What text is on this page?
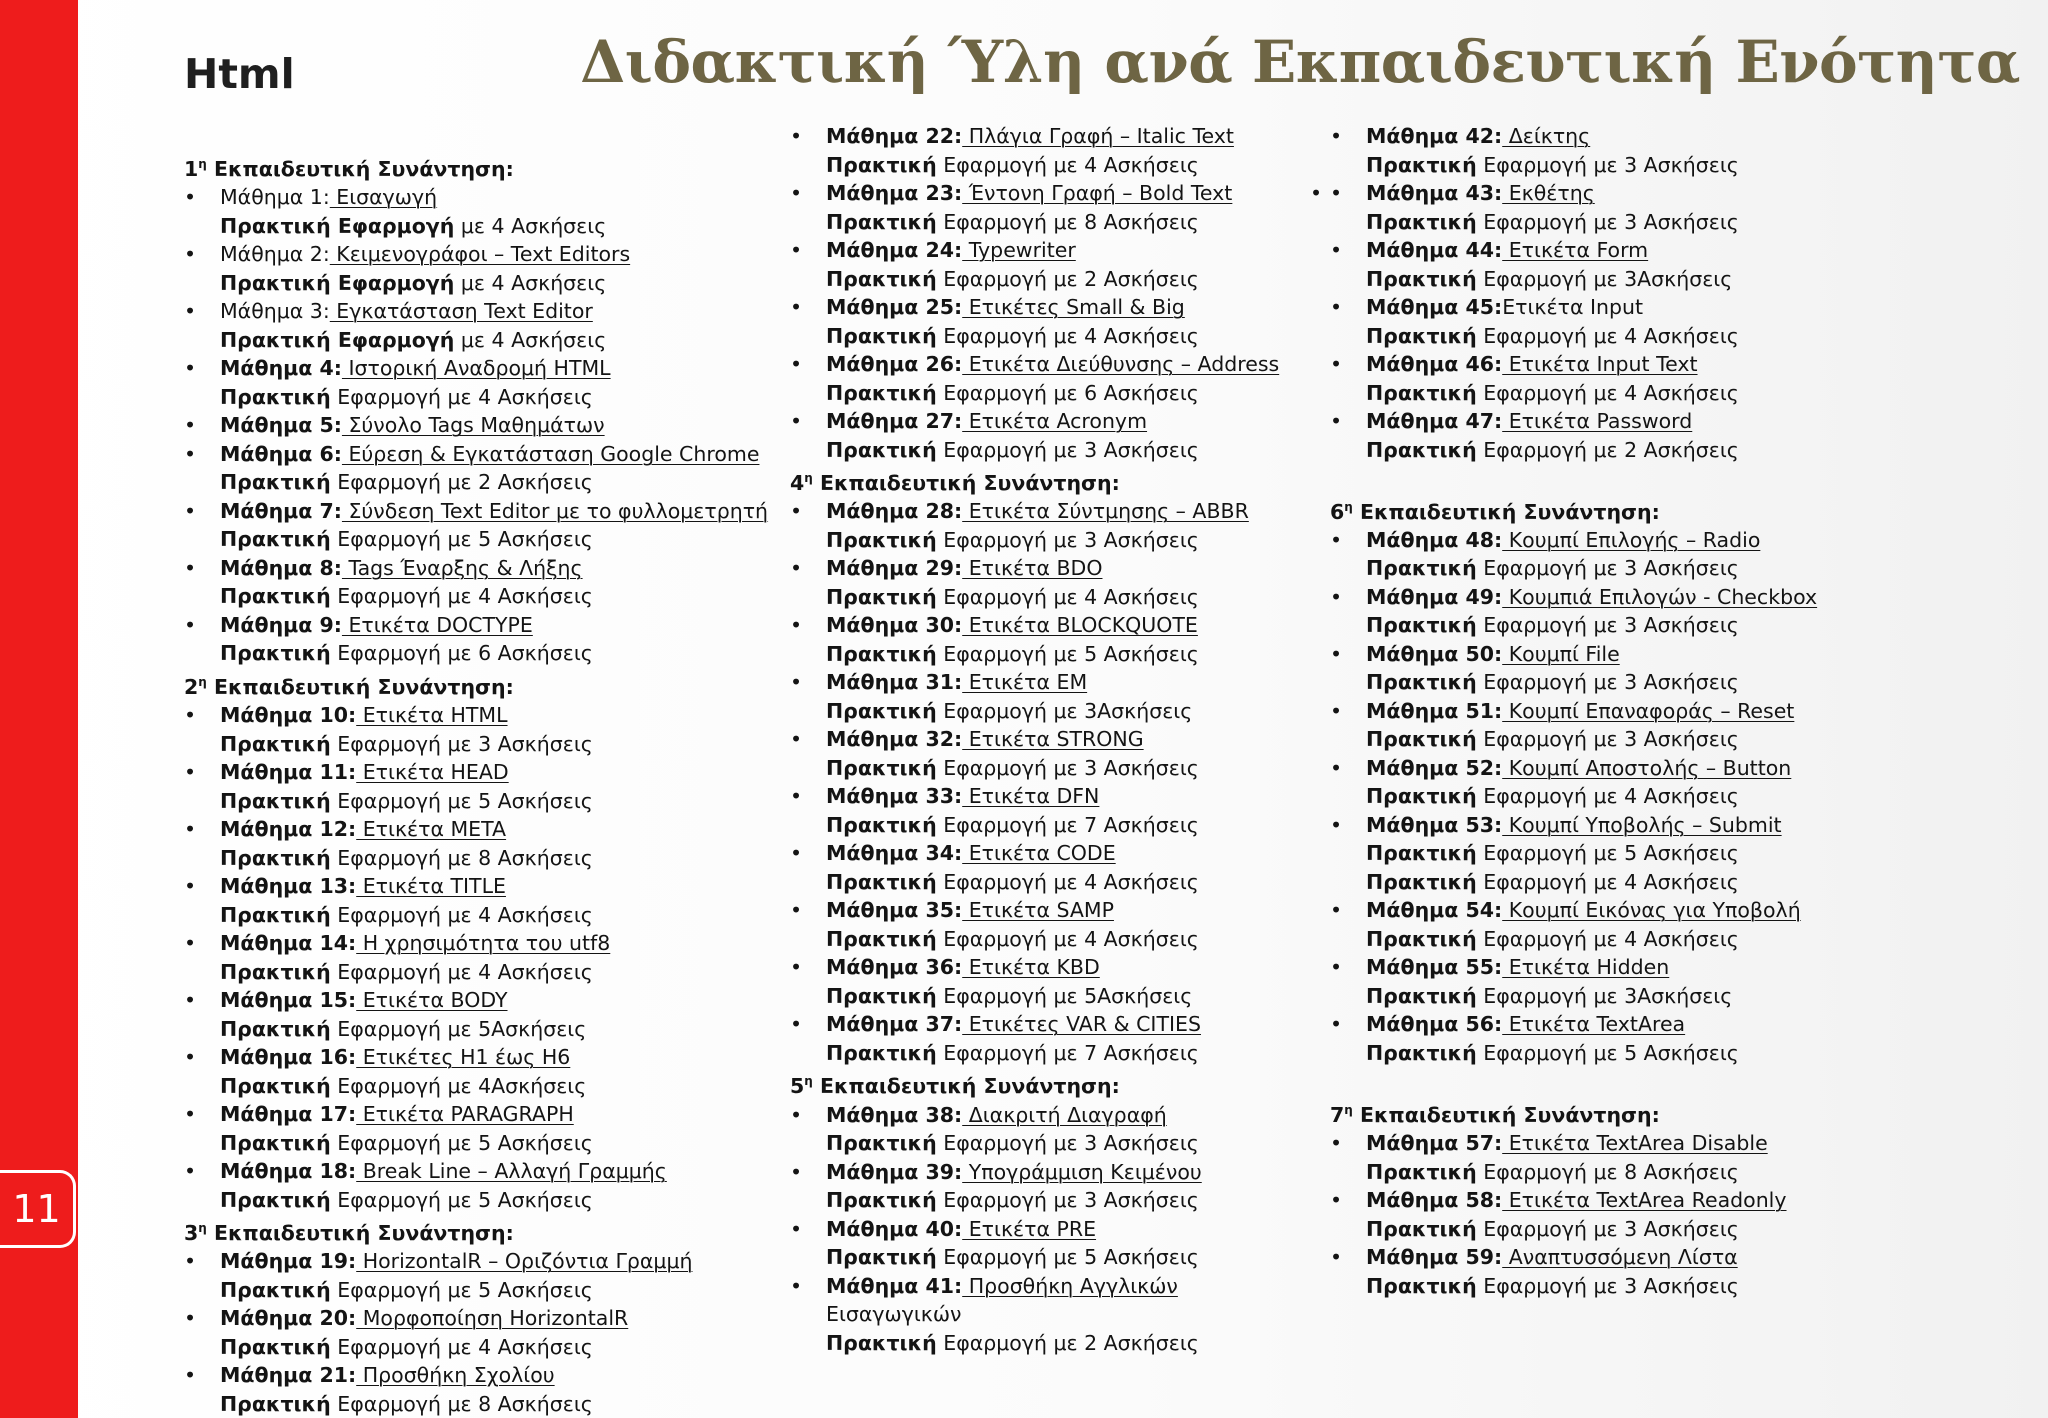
11
Html	Διδακτική Ύλη ανά Εκπαιδευτική Ενότητα
$1^\eta$ Εκπαιδευτική Συνάντηση:
• Μάθημα 1: Εισαγωγή
Πρακτική Εφαρμογή με 4 Ασκήσεις
• Μάθημα 2: Κειμενογράφοι – Text Editors
Πρακτική Εφαρμογή με 4 Ασκήσεις
• Μάθημα 3: Εγκατάσταση Text Editor
Πρακτική Εφαρμογή με 4 Ασκήσεις
• Μάθημα 4: Ιστορική Αναδρομή HTML
Πρακτική Εφαρμογή με 4 Ασκήσεις
• Μάθημα 5: Σύνολο Tags Μαθημάτων
• Μάθημα 6: Εύρεση & Εγκατάσταση Google Chrome
Πρακτική Εφαρμογή με 2 Ασκήσεις
• Μάθημα 7: Σύνδεση Text Editor με το φυλλομετρητή
Πρακτική Εφαρμογή με 5 Ασκήσεις
• Μάθημα 8: Tags Έναρξης & Λήξης
Πρακτική Εφαρμογή με 4 Ασκήσεις
• Μάθημα 9: Ετικέτα DOCTYPE
Πρακτική Εφαρμογή με 6 Ασκήσεις
$2^\eta$ Εκπαιδευτική Συνάντηση:
• Μάθημα 10: Ετικέτα HTML
Πρακτική Εφαρμογή με 3 Ασκήσεις
• Μάθημα 11: Ετικέτα HEAD
Πρακτική Εφαρμογή με 5 Ασκήσεις
• Μάθημα 12: Ετικέτα META
Πρακτική Εφαρμογή με 8 Ασκήσεις
• Μάθημα 13: Ετικέτα TITLE
Πρακτική Εφαρμογή με 4 Ασκήσεις
• Μάθημα 14: Η χρησιμότητα του utf8
Πρακτική Εφαρμογή με 4 Ασκήσεις
• Μάθημα 15: Ετικέτα BODY
Πρακτική Εφαρμογή με 5Ασκήσεις
• Μάθημα 16: Ετικέτες Η1 έως Η6
Πρακτική Εφαρμογή με 4Ασκήσεις
• Μάθημα 17: Ετικέτα PARAGRAPH
Πρακτική Εφαρμογή με 5 Ασκήσεις
• Μάθημα 18: Break Line – Αλλαγή Γραμμής
Πρακτική Εφαρμογή με 5 Ασκήσεις
$3^\eta$ Εκπαιδευτική Συνάντηση:
• Μάθημα 19: HorizontalR – Οριζόντια Γραμμή
Πρακτική Εφαρμογή με 5 Ασκήσεις
• Μάθημα 20: Μορφοποίηση HorizontalR
Πρακτική Εφαρμογή με 4 Ασκήσεις
• Μάθημα 21: Προσθήκη Σχολίου
Πρακτική Εφαρμογή με 8 Ασκήσεις
• Μάθημα 22: Πλάγια Γραφή – Italic Text
Πρακτική Εφαρμογή με 4 Ασκήσεις
• Μάθημα 23: Έντονη Γραφή – Bold Text
Πρακτική Εφαρμογή με 8 Ασκήσεις
• Μάθημα 24: Typewriter
Πρακτική Εφαρμογή με 2 Ασκήσεις
• Μάθημα 25: Ετικέτες Small & Big
Πρακτική Εφαρμογή με 4 Ασκήσεις
• Μάθημα 26: Ετικέτα Διεύθυνσης – Address
Πρακτική Εφαρμογή με 6 Ασκήσεις
• Μάθημα 27: Ετικέτα Acronym
Πρακτική Εφαρμογή με 3 Ασκήσεις
$4^\eta$ Εκπαιδευτική Συνάντηση:
• Μάθημα 28: Ετικέτα Σύντμησης – ABBR
Πρακτική Εφαρμογή με 3 Ασκήσεις
• Μάθημα 29: Ετικέτα BDO
Πρακτική Εφαρμογή με 4 Ασκήσεις
• Μάθημα 30: Ετικέτα BLOCKQUOTE
Πρακτική Εφαρμογή με 5 Ασκήσεις
• Μάθημα 31: Ετικέτα EM
Πρακτική Εφαρμογή με 3Ασκήσεις
• Μάθημα 32: Ετικέτα STRONG
Πρακτική Εφαρμογή με 3 Ασκήσεις
• Μάθημα 33: Ετικέτα DFN
Πρακτική Εφαρμογή με 7 Ασκήσεις
• Μάθημα 34: Ετικέτα CODE
Πρακτική Εφαρμογή με 4 Ασκήσεις
• Μάθημα 35: Ετικέτα SAMP
Πρακτική Εφαρμογή με 4 Ασκήσεις
• Μάθημα 36: Ετικέτα KBD
Πρακτική Εφαρμογή με 5Ασκήσεις
• Μάθημα 37: Ετικέτες VAR & CITIES
Πρακτική Εφαρμογή με 7 Ασκήσεις
$5^\eta$ Εκπαιδευτική Συνάντηση:
• Μάθημα 38: Διακριτή Διαγραφή
Πρακτική Εφαρμογή με 3 Ασκήσεις
• Μάθημα 39: Υπογράμμιση Κειμένου
Πρακτική Εφαρμογή με 3 Ασκήσεις
• Μάθημα 40: Ετικέτα PRE
Πρακτική Εφαρμογή με 5 Ασκήσεις
• Μάθημα 41: Προσθήκη Αγγλικών
Εισαγωγικών
Πρακτική Εφαρμογή με 2 Ασκήσεις
• Μάθημα 42: Δείκτης
Πρακτική Εφαρμογή με 3 Ασκήσεις
•
• Μάθημα 43: Εκθέτης
Πρακτική Εφαρμογή με 3 Ασκήσεις
• Μάθημα 44: Ετικέτα Form
Πρακτική Εφαρμογή με 3Ασκήσεις
• Μάθημα 45:Ετικέτα Input
Πρακτική Εφαρμογή με 4 Ασκήσεις
• Μάθημα 46: Ετικέτα Input Text
Πρακτική Εφαρμογή με 4 Ασκήσεις
• Μάθημα 47: Ετικέτα Password
Πρακτική Εφαρμογή με 2 Ασκήσεις
$6^\eta$ Εκπαιδευτική Συνάντηση:
• Μάθημα 48: Κουμπί Επιλογής – Radio
Πρακτική Εφαρμογή με 3 Ασκήσεις
• Μάθημα 49: Κουμπιά Επιλογών - Checkbox
Πρακτική Εφαρμογή με 3 Ασκήσεις
• Μάθημα 50: Κουμπί File
Πρακτική Εφαρμογή με 3 Ασκήσεις
• Μάθημα 51: Κουμπί Επαναφοράς – Reset
Πρακτική Εφαρμογή με 3 Ασκήσεις
• Μάθημα 52: Κουμπί Αποστολής – Button
Πρακτική Εφαρμογή με 4 Ασκήσεις
• Μάθημα 53: Κουμπί Υποβολής – Submit
Πρακτική Εφαρμογή με 5 Ασκήσεις
Πρακτική Εφαρμογή με 4 Ασκήσεις
• Μάθημα 54: Κουμπί Εικόνας για Υποβολή
Πρακτική Εφαρμογή με 4 Ασκήσεις
• Μάθημα 55: Ετικέτα Hidden
Πρακτική Εφαρμογή με 3Ασκήσεις
• Μάθημα 56: Ετικέτα TextArea
Πρακτική Εφαρμογή με 5 Ασκήσεις
$7^\eta$ Εκπαιδευτική Συνάντηση:
• Μάθημα 57: Ετικέτα TextArea Disable
Πρακτική Εφαρμογή με 8 Ασκήσεις
• Μάθημα 58: Ετικέτα TextArea Readonly
Πρακτική Εφαρμογή με 3 Ασκήσεις
• Μάθημα 59: Αναπτυσσόμενη Λίστα
Πρακτική Εφαρμογή με 3 Ασκήσεις
